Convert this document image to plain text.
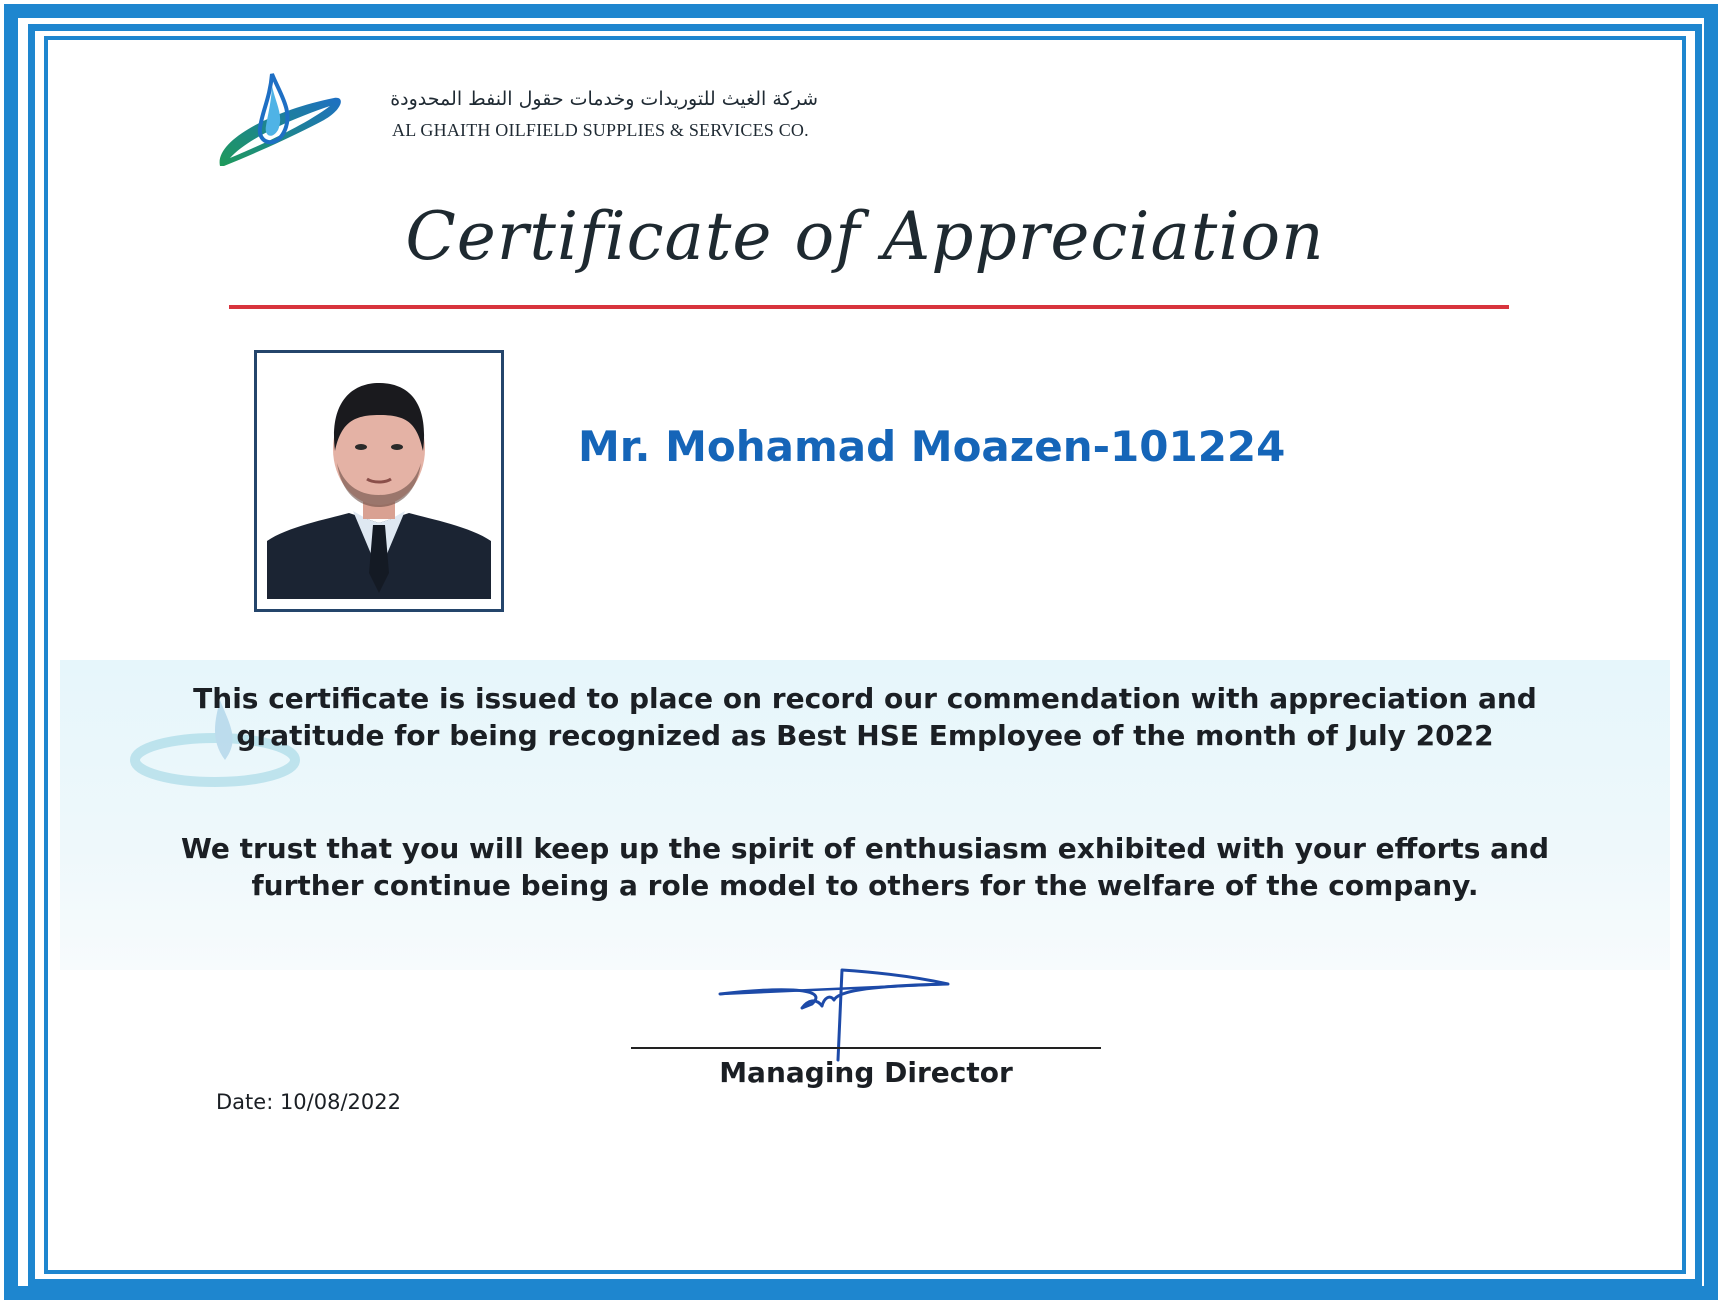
شركة الغيث للتوريدات وخدمات حقول النفط المحدودة
AL GHAITH OILFIELD SUPPLIES & SERVICES CO.
Certificate of Appreciation
Mr. Mohamad Moazen-101224
This certificate is issued to place on record our commendation with appreciation and gratitude for being recognized as Best HSE Employee of the month of July 2022
We trust that you will keep up the spirit of enthusiasm exhibited with your efforts and further continue being a role model to others for the welfare of the company.
Managing Director
Date: 10/08/2022
